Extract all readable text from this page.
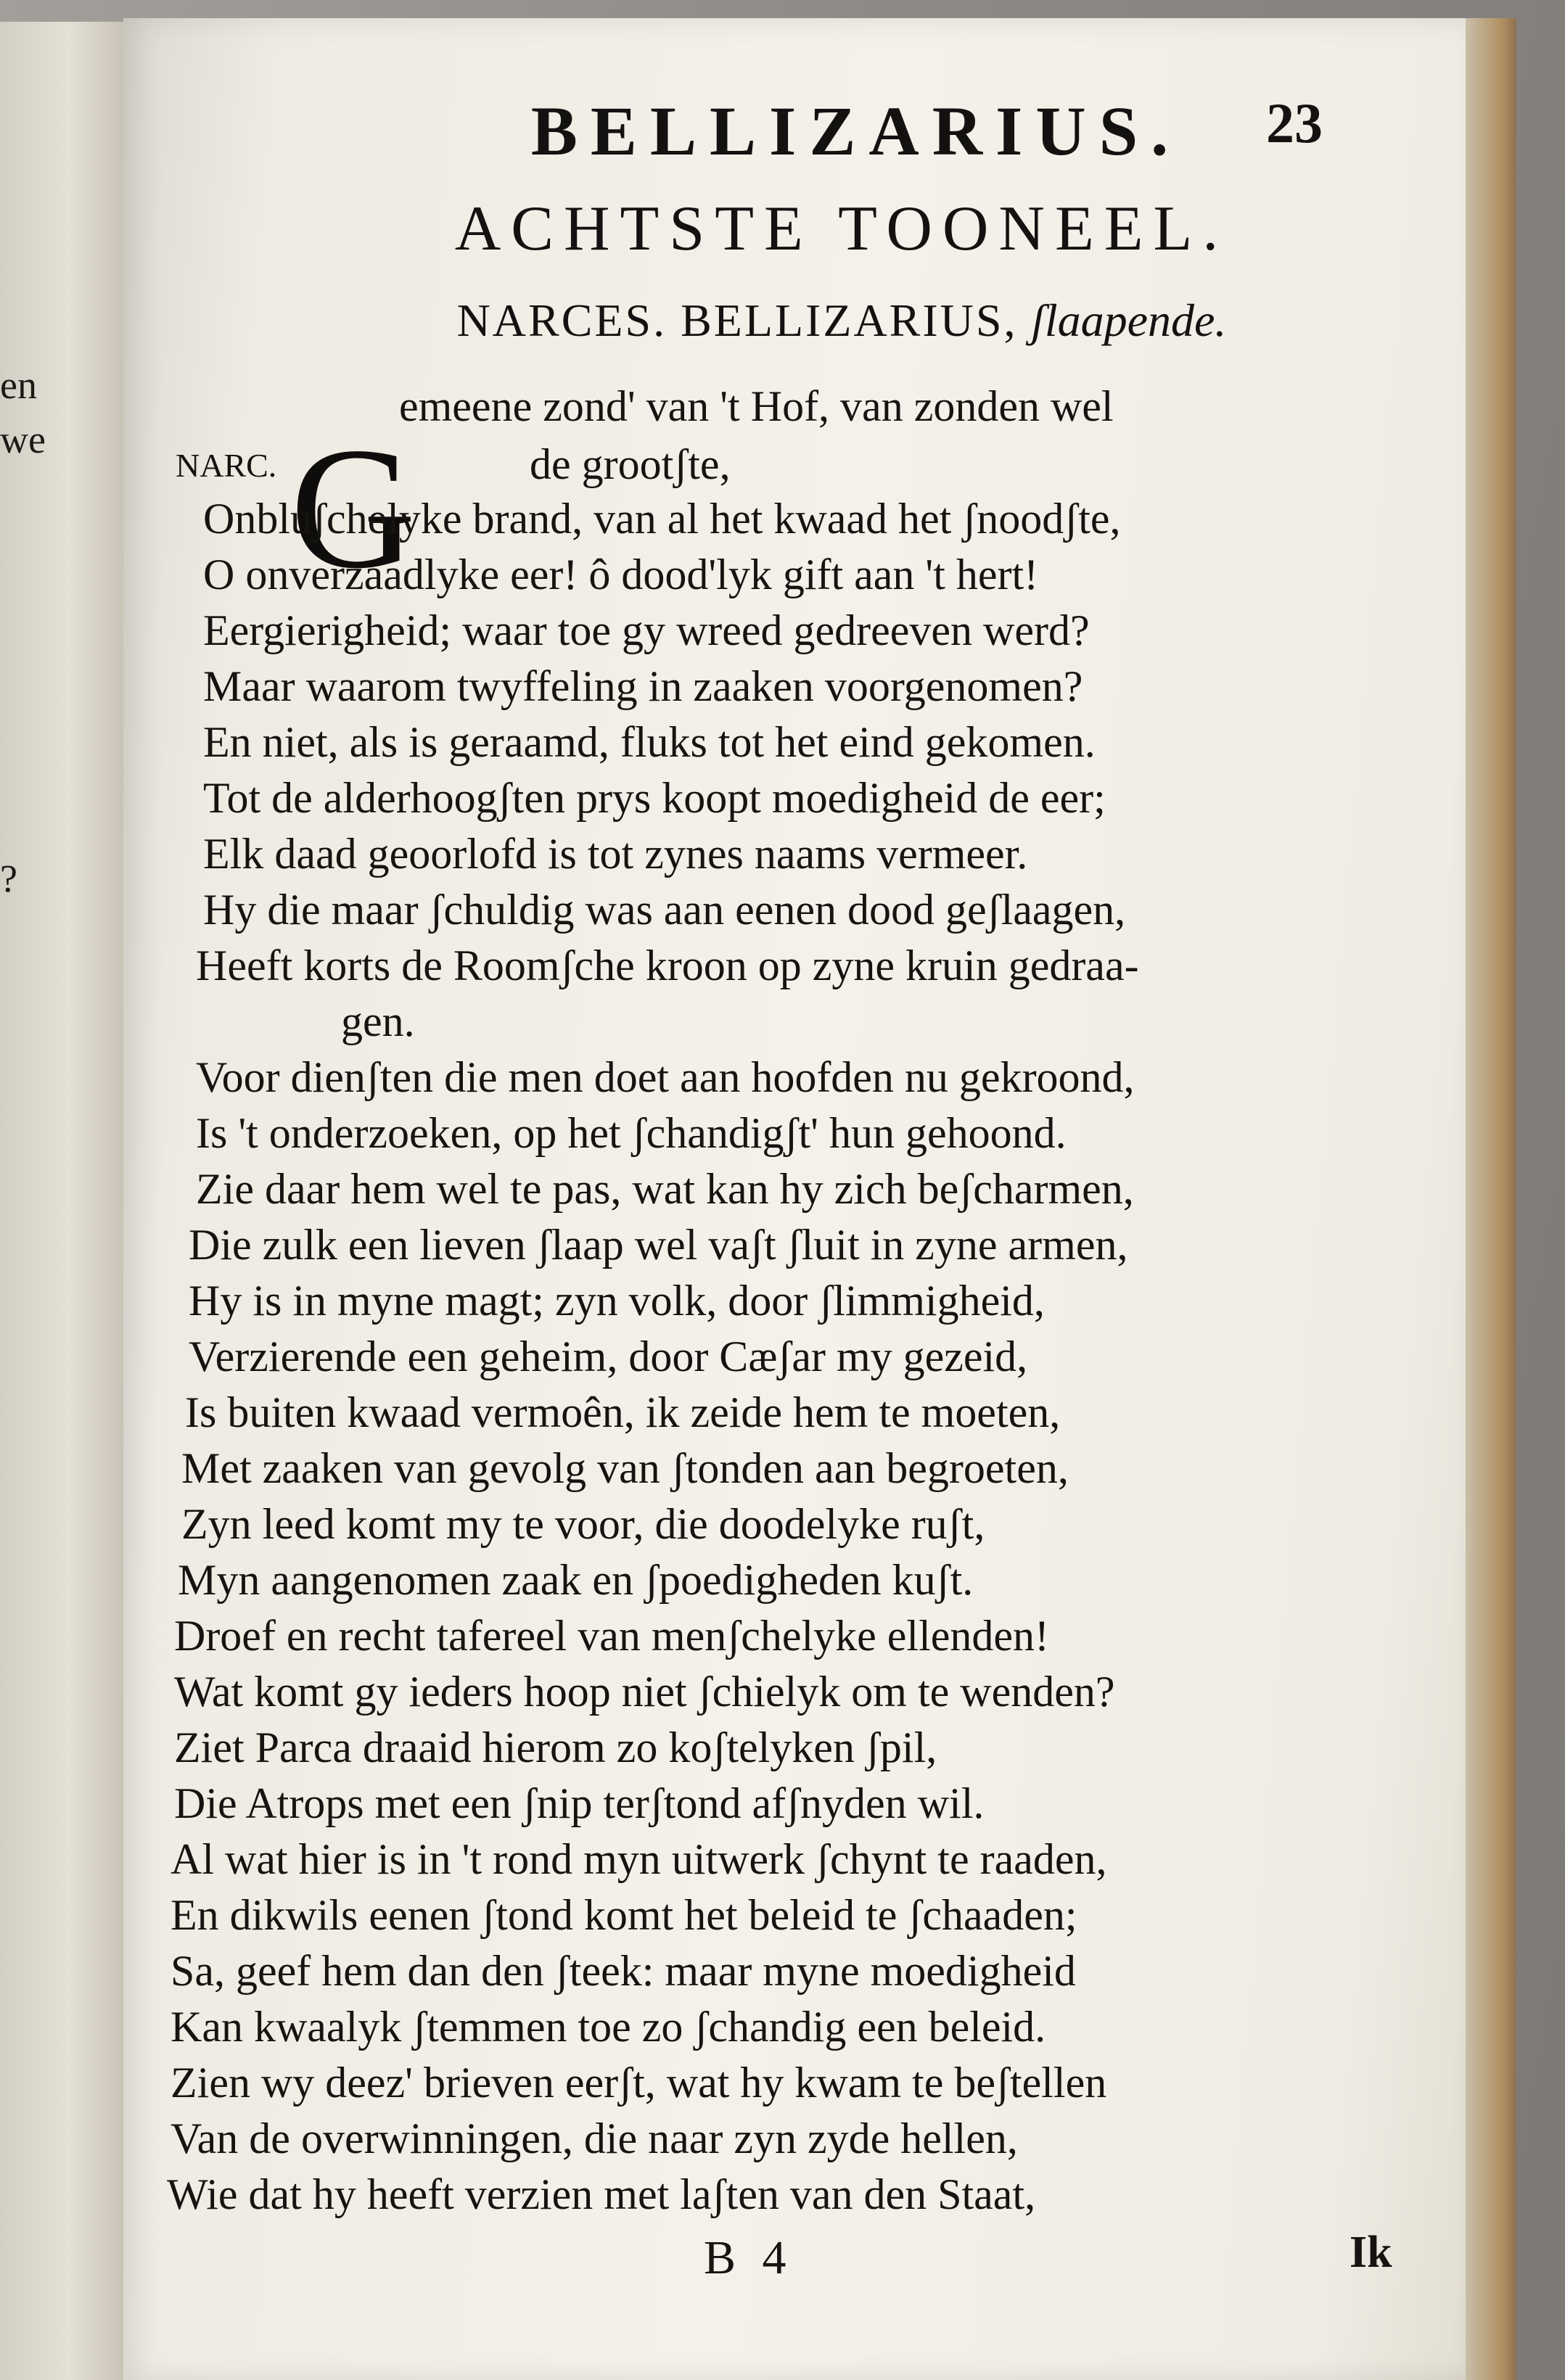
en
we
?
BELLIZARIUS.	23
ACHTSTE TOONEEL.
NARCES. BELLIZARIUS, ʃlaapende.
NARC. G
emeene zond' van 't Hof, van zonden wel
de grootʃte,
Onbluʃchelyke brand, van al het kwaad het ʃnoodʃte,
O onverzaadlyke eer! ô dood'lyk gift aan 't hert!
Eergierigheid; waar toe gy wreed gedreeven werd?
Maar waarom twyffeling in zaaken voorgenomen?
En niet, als is geraamd, fluks tot het eind gekomen.
Tot de alderhoogʃten prys koopt moedigheid de eer;
Elk daad geoorlofd is tot zynes naams vermeer.
Hy die maar ʃchuldig was aan eenen dood geʃlaagen,
Heeft korts de Roomʃche kroon op zyne kruin gedraa-
gen.
Voor dienʃten die men doet aan hoofden nu gekroond,
Is 't onderzoeken, op het ʃchandigʃt' hun gehoond.
Zie daar hem wel te pas, wat kan hy zich beʃcharmen,
Die zulk een lieven ʃlaap wel vaʃt ʃluit in zyne armen,
Hy is in myne magt; zyn volk, door ʃlimmigheid,
Verzierende een geheim, door Cæʃar my gezeid,
Is buiten kwaad vermoên, ik zeide hem te moeten,
Met zaaken van gevolg van ʃtonden aan begroeten,
Zyn leed komt my te voor, die doodelyke ruʃt,
Myn aangenomen zaak en ʃpoedigheden kuʃt.
Droef en recht tafereel van menʃchelyke ellenden!
Wat komt gy ieders hoop niet ʃchielyk om te wenden?
Ziet Parca draaid hierom zo koʃtelyken ʃpil,
Die Atrops met een ʃnip terʃtond afʃnyden wil.
Al wat hier is in 't rond myn uitwerk ʃchynt te raaden,
En dikwils eenen ʃtond komt het beleid te ʃchaaden;
Sa, geef hem dan den ʃteek: maar myne moedigheid
Kan kwaalyk ʃtemmen toe zo ʃchandig een beleid.
Zien wy deez' brieven eerʃt, wat hy kwam te beʃtellen
Van de overwinningen, die naar zyn zyde hellen,
Wie dat hy heeft verzien met laʃten van den Staat,
B 4	Ik
